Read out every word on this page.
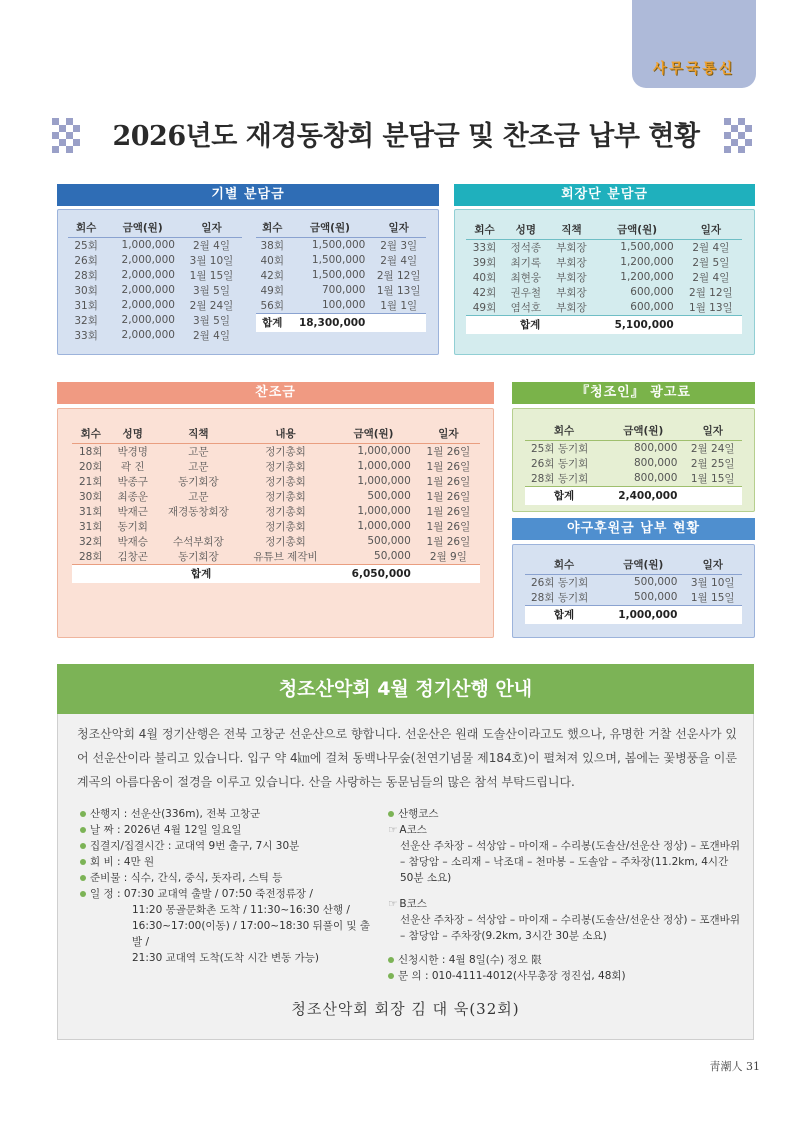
사무국통신
2026년도 재경동창회 분담금 및 찬조금 납부 현황
기별 분담금
회수	금액(원)	일자
25회	1,000,000	2월 4일
26회	2,000,000	3월 10일
28회	2,000,000	1월 15일
30회	2,000,000	3월 5일
31회	2,000,000	2월 24일
32회	2,000,000	3월 5일
33회	2,000,000	2월 4일
회수	금액(원)	일자
38회	1,500,000	2월 3일
40회	1,500,000	2월 4일
42회	1,500,000	2월 12일
49회	700,000	1월 13일
56회	100,000	1월 1일
합계	18,300,000	
회장단 분담금
회수	성명	직책	금액(원)	일자
33회	정석종	부회장	1,500,000	2월 4일
39회	최기록	부회장	1,200,000	2월 5일
40회	최현웅	부회장	1,200,000	2월 4일
42회	권우철	부회장	600,000	2월 12일
49회	염석호	부회장	600,000	1월 13일
합계			5,100,000	
찬조금
회수	성명	직책	내용	금액(원)	일자
18회	박경명	고문	정기총회	1,000,000	1월 26일
20회	곽 진	고문	정기총회	1,000,000	1월 26일
21회	박종구	동기회장	정기총회	1,000,000	1월 26일
30회	최종운	고문	정기총회	500,000	1월 26일
31회	박재근	재경동창회장	정기총회	1,000,000	1월 26일
31회	동기회		정기총회	1,000,000	1월 26일
32회	박재승	수석부회장	정기총회	500,000	1월 26일
28회	김창곤	동기회장	유튜브 제작비	50,000	2월 9일
합계				6,050,000	
『청조인』 광고료
회수	금액(원)	일자
25회 동기회	800,000	2월 24일
26회 동기회	800,000	2월 25일
28회 동기회	800,000	1월 15일
합계	2,400,000	
야구후원금 납부 현황
회수	금액(원)	일자
26회 동기회	500,000	3월 10일
28회 동기회	500,000	1월 15일
합계	1,000,000	
청조산악회 4월 정기산행 안내
청조산악회 4월 정기산행은 전북 고창군 선운산으로 향합니다. 선운산은 원래 도솔산이라고도 했으나, 유명한 거찰 선운사가 있어 선운산이라 불리고 있습니다. 입구 약 4㎞에 걸쳐 동백나무숲(천연기념물 제184호)이 펼쳐져 있으며, 봄에는 꽃병풍을 이룬 계곡의 아름다움이 절경을 이루고 있습니다. 산을 사랑하는 동문님들의 많은 참석 부탁드립니다.
산행지 : 선운산(336m), 전북 고창군
날 짜 : 2026년 4월 12일 일요일
집결지/집결시간 : 교대역 9번 출구, 7시 30분
회 비 : 4만 원
준비물 : 식수, 간식, 중식, 돗자리, 스틱 등
일 정 : 07:30 교대역 출발 / 07:50 죽전정류장 /
11:20 몽골문화촌 도착 / 11:30~16:30 산행 /
16:30~17:00(이동) / 17:00~18:30 뒤풀이 및 출발 /
21:30 교대역 도착(도착 시간 변동 가능)
산행코스
☞ A코스
선운산 주차장 – 석상암 – 마이재 – 수리봉(도솔산/선운산 정상) – 포갠바위
– 참당암 – 소리재 – 낙조대 – 천마봉 – 도솔암 – 주차장(11.2km, 4시간
50분 소요)
☞ B코스
선운산 주차장 – 석상암 – 마이재 – 수리봉(도솔산/선운산 정상) – 포갠바위
– 참당암 – 주차장(9.2km, 3시간 30분 소요)
신청시한 : 4월 8일(수) 정오 限
문 의 : 010-4111-4012(사무총장 정진섭, 48회)
청조산악회 회장 김 대 욱(32회)
靑潮人 31
